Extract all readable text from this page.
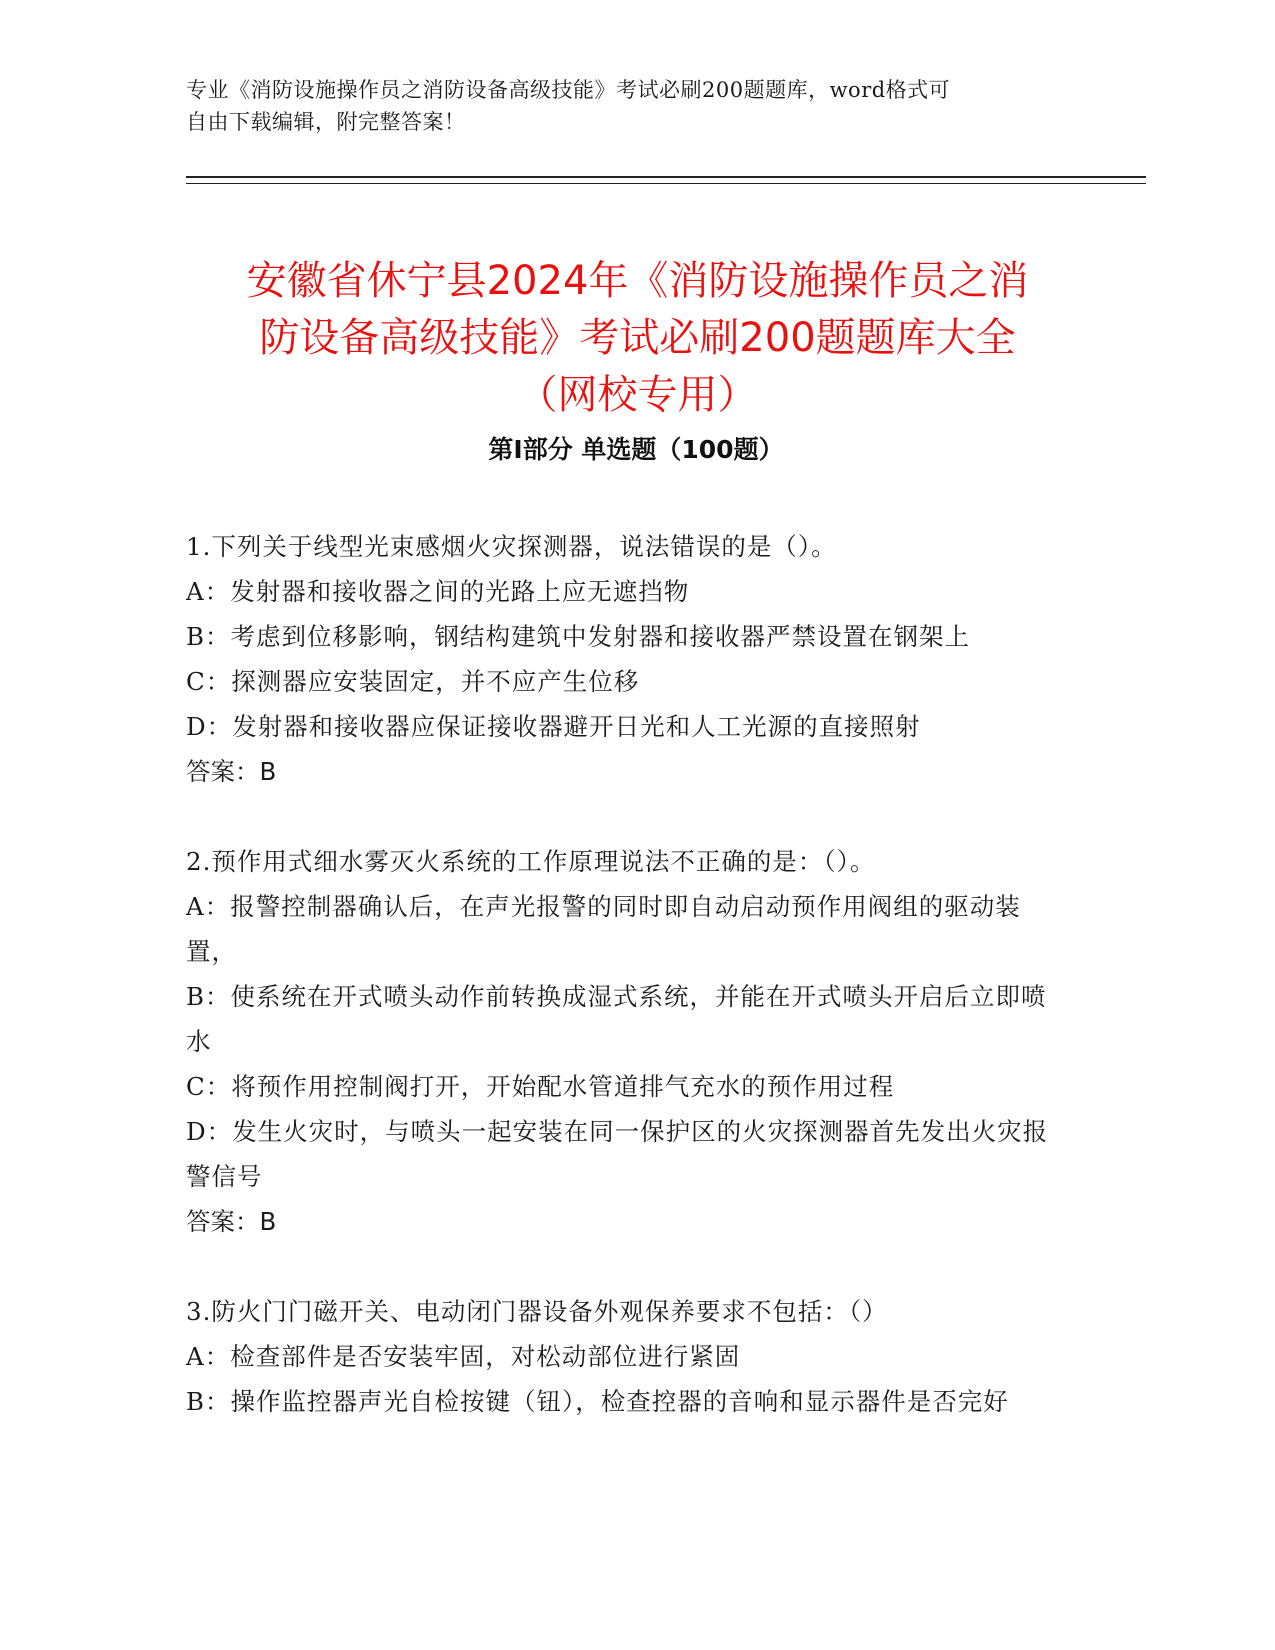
专业《消防设施操作员之消防设备高级技能》考试必刷200题题库，word格式可
自由下载编辑，附完整答案！
安徽省休宁县2024年《消防设施操作员之消
防设备高级技能》考试必刷200题题库大全
（网校专用）
第Ⅰ部分 单选题（100题）

1.下列关于线型光束感烟火灾探测器，说法错误的是（）。

A：发射器和接收器之间的光路上应无遮挡物

B：考虑到位移影响，钢结构建筑中发射器和接收器严禁设置在钢架上

C：探测器应安装固定，并不应产生位移

D：发射器和接收器应保证接收器避开日光和人工光源的直接照射

答案：B

2.预作用式细水雾灭火系统的工作原理说法不正确的是：（）。

A：报警控制器确认后，在声光报警的同时即自动启动预作用阀组的驱动装置，

B：使系统在开式喷头动作前转换成湿式系统，并能在开式喷头开启后立即喷水

C：将预作用控制阀打开，开始配水管道排气充水的预作用过程

D：发生火灾时，与喷头一起安装在同一保护区的火灾探测器首先发出火灾报警信号

答案：B

3.防火门门磁开关、电动闭门器设备外观保养要求不包括：（）

A：检查部件是否安装牢固，对松动部位进行紧固

B：操作监控器声光自检按键（钮），检查控器的音响和显示器件是否完好
